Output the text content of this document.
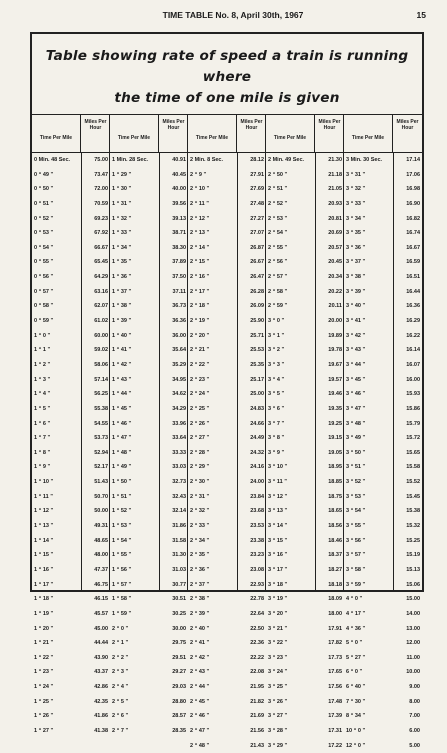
TIME TABLE No. 8, April 30th, 1967	15
Table showing rate of speed a train is running where
the time of one mile is given
Time Per Mile
Miles Per Hour
0 Min. 48 Sec.	75.00
0 “ 49 ”	73.47
0 “ 50 ”	72.00
0 “ 51 ”	70.59
0 “ 52 ”	69.23
0 “ 53 ”	67.92
0 “ 54 ”	66.67
0 “ 55 ”	65.45
0 “ 56 ”	64.29
0 “ 57 ”	63.16
0 “ 58 ”	62.07
0 “ 59 ”	61.02
1 “ 0 ”	60.00
1 “ 1 ”	59.02
1 “ 2 ”	58.06
1 “ 3 ”	57.14
1 “ 4 ”	56.25
1 “ 5 ”	55.38
1 “ 6 ”	54.55
1 “ 7 ”	53.73
1 “ 8 ”	52.94
1 “ 9 ”	52.17
1 “ 10 ”	51.43
1 “ 11 ”	50.70
1 “ 12 ”	50.00
1 “ 13 ”	49.31
1 “ 14 ”	48.65
1 “ 15 ”	48.00
1 “ 16 ”	47.37
1 “ 17 ”	46.75
1 “ 18 ”	46.15
1 “ 19 ”	45.57
1 “ 20 ”	45.00
1 “ 21 ”	44.44
1 “ 22 ”	43.90
1 “ 23 ”	43.37
1 “ 24 ”	42.86
1 “ 25 ”	42.35
1 “ 26 ”	41.86
1 “ 27 ”	41.38
Time Per Mile
Miles Per Hour
1 Min. 28 Sec.	40.91
1 “ 29 ”	40.45
1 “ 30 ”	40.00
1 “ 31 ”	39.56
1 “ 32 ”	39.13
1 “ 33 ”	38.71
1 “ 34 ”	38.30
1 “ 35 ”	37.89
1 “ 36 ”	37.50
1 “ 37 ”	37.11
1 “ 38 ”	36.73
1 “ 39 ”	36.36
1 “ 40 ”	36.00
1 “ 41 ”	35.64
1 “ 42 ”	35.29
1 “ 43 ”	34.95
1 “ 44 ”	34.62
1 “ 45 ”	34.29
1 “ 46 ”	33.96
1 “ 47 ”	33.64
1 “ 48 ”	33.33
1 “ 49 ”	33.03
1 “ 50 ”	32.73
1 “ 51 ”	32.43
1 “ 52 ”	32.14
1 “ 53 ”	31.86
1 “ 54 ”	31.58
1 “ 55 ”	31.30
1 “ 56 ”	31.03
1 “ 57 ”	30.77
1 “ 58 ”	30.51
1 “ 59 ”	30.25
2 “ 0 ”	30.00
2 “ 1 ”	29.75
2 “ 2 ”	29.51
2 “ 3 ”	29.27
2 “ 4 ”	29.03
2 “ 5 ”	28.80
2 “ 6 ”	28.57
2 “ 7 ”	28.35
Time Per Mile
Miles Per Hour
2 Min. 8 Sec.	28.12
2 “ 9 ”	27.91
2 “ 10 ”	27.69
2 “ 11 ”	27.48
2 “ 12 ”	27.27
2 “ 13 ”	27.07
2 “ 14 ”	26.87
2 “ 15 ”	26.67
2 “ 16 ”	26.47
2 “ 17 ”	26.28
2 “ 18 ”	26.09
2 “ 19 ”	25.90
2 “ 20 ”	25.71
2 “ 21 ”	25.53
2 “ 22 ”	25.35
2 “ 23 ”	25.17
2 “ 24 ”	25.00
2 “ 25 ”	24.83
2 “ 26 ”	24.66
2 “ 27 ”	24.49
2 “ 28 ”	24.32
2 “ 29 ”	24.16
2 “ 30 ”	24.00
2 “ 31 ”	23.84
2 “ 32 ”	23.68
2 “ 33 ”	23.53
2 “ 34 ”	23.38
2 “ 35 ”	23.23
2 “ 36 ”	23.08
2 “ 37 ”	22.93
2 “ 38 ”	22.78
2 “ 39 ”	22.64
2 “ 40 ”	22.50
2 “ 41 ”	22.36
2 “ 42 ”	22.22
2 “ 43 ”	22.08
2 “ 44 ”	21.95
2 “ 45 ”	21.82
2 “ 46 ”	21.69
2 “ 47 ”	21.56
2 “ 48 ”	21.43
Time Per Mile
Miles Per Hour
2 Min. 49 Sec.	21.30
2 “ 50 ”	21.18
2 “ 51 ”	21.05
2 “ 52 ”	20.93
2 “ 53 ”	20.81
2 “ 54 ”	20.69
2 “ 55 ”	20.57
2 “ 56 ”	20.45
2 “ 57 ”	20.34
2 “ 58 ”	20.22
2 “ 59 ”	20.11
3 “ 0 ”	20.00
3 “ 1 ”	19.89
3 “ 2 ”	19.78
3 “ 3 ”	19.67
3 “ 4 ”	19.57
3 “ 5 ”	19.46
3 “ 6 ”	19.35
3 “ 7 ”	19.25
3 “ 8 ”	19.15
3 “ 9 ”	19.05
3 “ 10 ”	18.95
3 “ 11 ”	18.85
3 “ 12 ”	18.75
3 “ 13 ”	18.65
3 “ 14 ”	18.56
3 “ 15 ”	18.46
3 “ 16 ”	18.37
3 “ 17 ”	18.27
3 “ 18 ”	18.18
3 “ 19 ”	18.09
3 “ 20 ”	18.00
3 “ 21 ”	17.91
3 “ 22 ”	17.82
3 “ 23 ”	17.73
3 “ 24 ”	17.65
3 “ 25 ”	17.56
3 “ 26 ”	17.48
3 “ 27 ”	17.39
3 “ 28 ”	17.31
3 “ 29 ”	17.22
Time Per Mile
Miles Per Hour
3 Min. 30 Sec.	17.14
3 “ 31 ”	17.06
3 “ 32 ”	16.98
3 “ 33 ”	16.90
3 “ 34 ”	16.82
3 “ 35 ”	16.74
3 “ 36 ”	16.67
3 “ 37 ”	16.59
3 “ 38 ”	16.51
3 “ 39 ”	16.44
3 “ 40 ”	16.36
3 “ 41 ”	16.29
3 “ 42 ”	16.22
3 “ 43 ”	16.14
3 “ 44 ”	16.07
3 “ 45 ”	16.00
3 “ 46 ”	15.93
3 “ 47 ”	15.86
3 “ 48 ”	15.79
3 “ 49 ”	15.72
3 “ 50 ”	15.65
3 “ 51 ”	15.58
3 “ 52 ”	15.52
3 “ 53 ”	15.45
3 “ 54 ”	15.38
3 “ 55 ”	15.32
3 “ 56 ”	15.25
3 “ 57 ”	15.19
3 “ 58 ”	15.13
3 “ 59 ”	15.06
4 “ 0 ”	15.00
4 “ 17 ”	14.00
4 “ 36 ”	13.00
5 “ 0 ”	12.00
5 “ 27 ”	11.00
6 “ 0 ”	10.00
6 “ 40 ”	9.00
7 “ 30 ”	8.00
8 “ 34 ”	7.00
10 “ 0 ”	6.00
12 “ 0 ”	5.00
